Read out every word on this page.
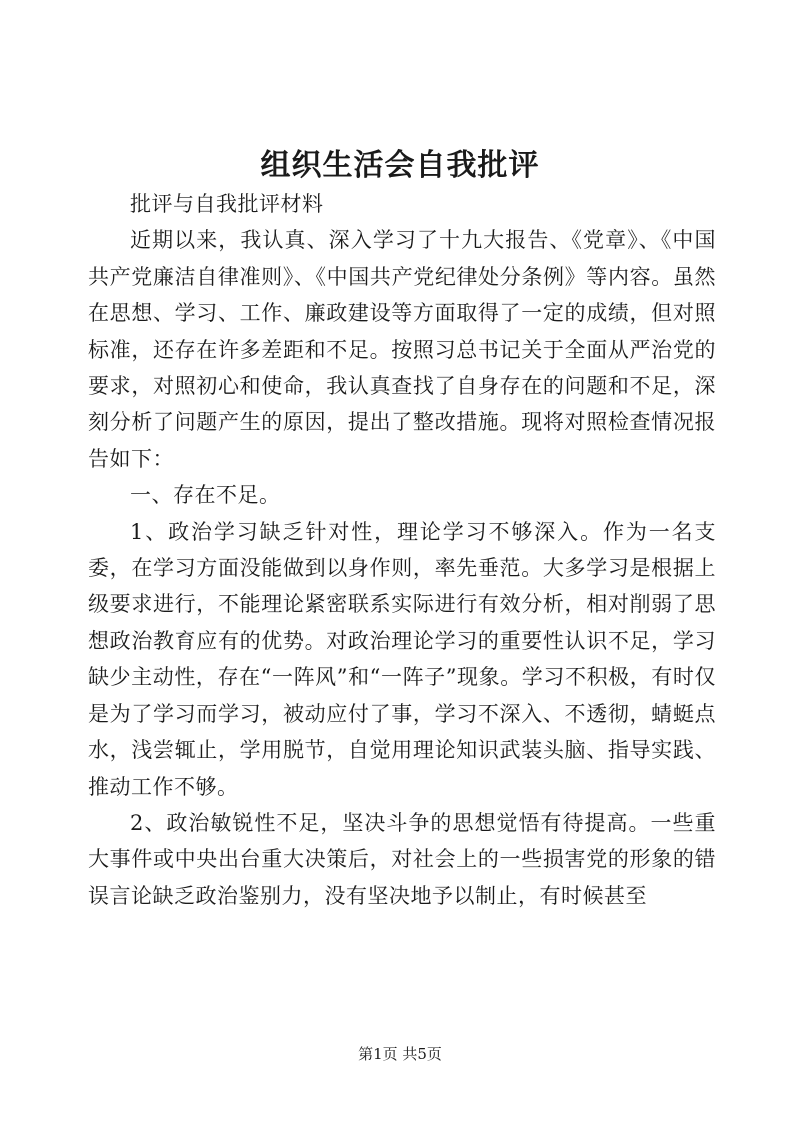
组织生活会自我批评

批评与自我批评材料

近期以来，我认真、深入学习了十九大报告、《党章》、《中国共产党廉洁自律准则》、《中国共产党纪律处分条例》等内容。虽然在思想、学习、工作、廉政建设等方面取得了一定的成绩，但对照标准，还存在许多差距和不足。按照习总书记关于全面从严治党的要求，对照初心和使命，我认真查找了自身存在的问题和不足，深刻分析了问题产生的原因，提出了整改措施。现将对照检查情况报告如下：

一、存在不足。

1、政治学习缺乏针对性，理论学习不够深入。作为一名支委，在学习方面没能做到以身作则，率先垂范。大多学习是根据上级要求进行，不能理论紧密联系实际进行有效分析，相对削弱了思想政治教育应有的优势。对政治理论学习的重要性认识不足，学习缺少主动性，存在“一阵风”和“一阵子”现象。学习不积极，有时仅是为了学习而学习，被动应付了事，学习不深入、不透彻，蜻蜓点水，浅尝辄止，学用脱节，自觉用理论知识武装头脑、指导实践、推动工作不够。

2、政治敏锐性不足，坚决斗争的思想觉悟有待提高。一些重大事件或中央出台重大决策后，对社会上的一些损害党的形象的错误言论缺乏政治鉴别力，没有坚决地予以制止，有时候甚至

第1页 共5页
